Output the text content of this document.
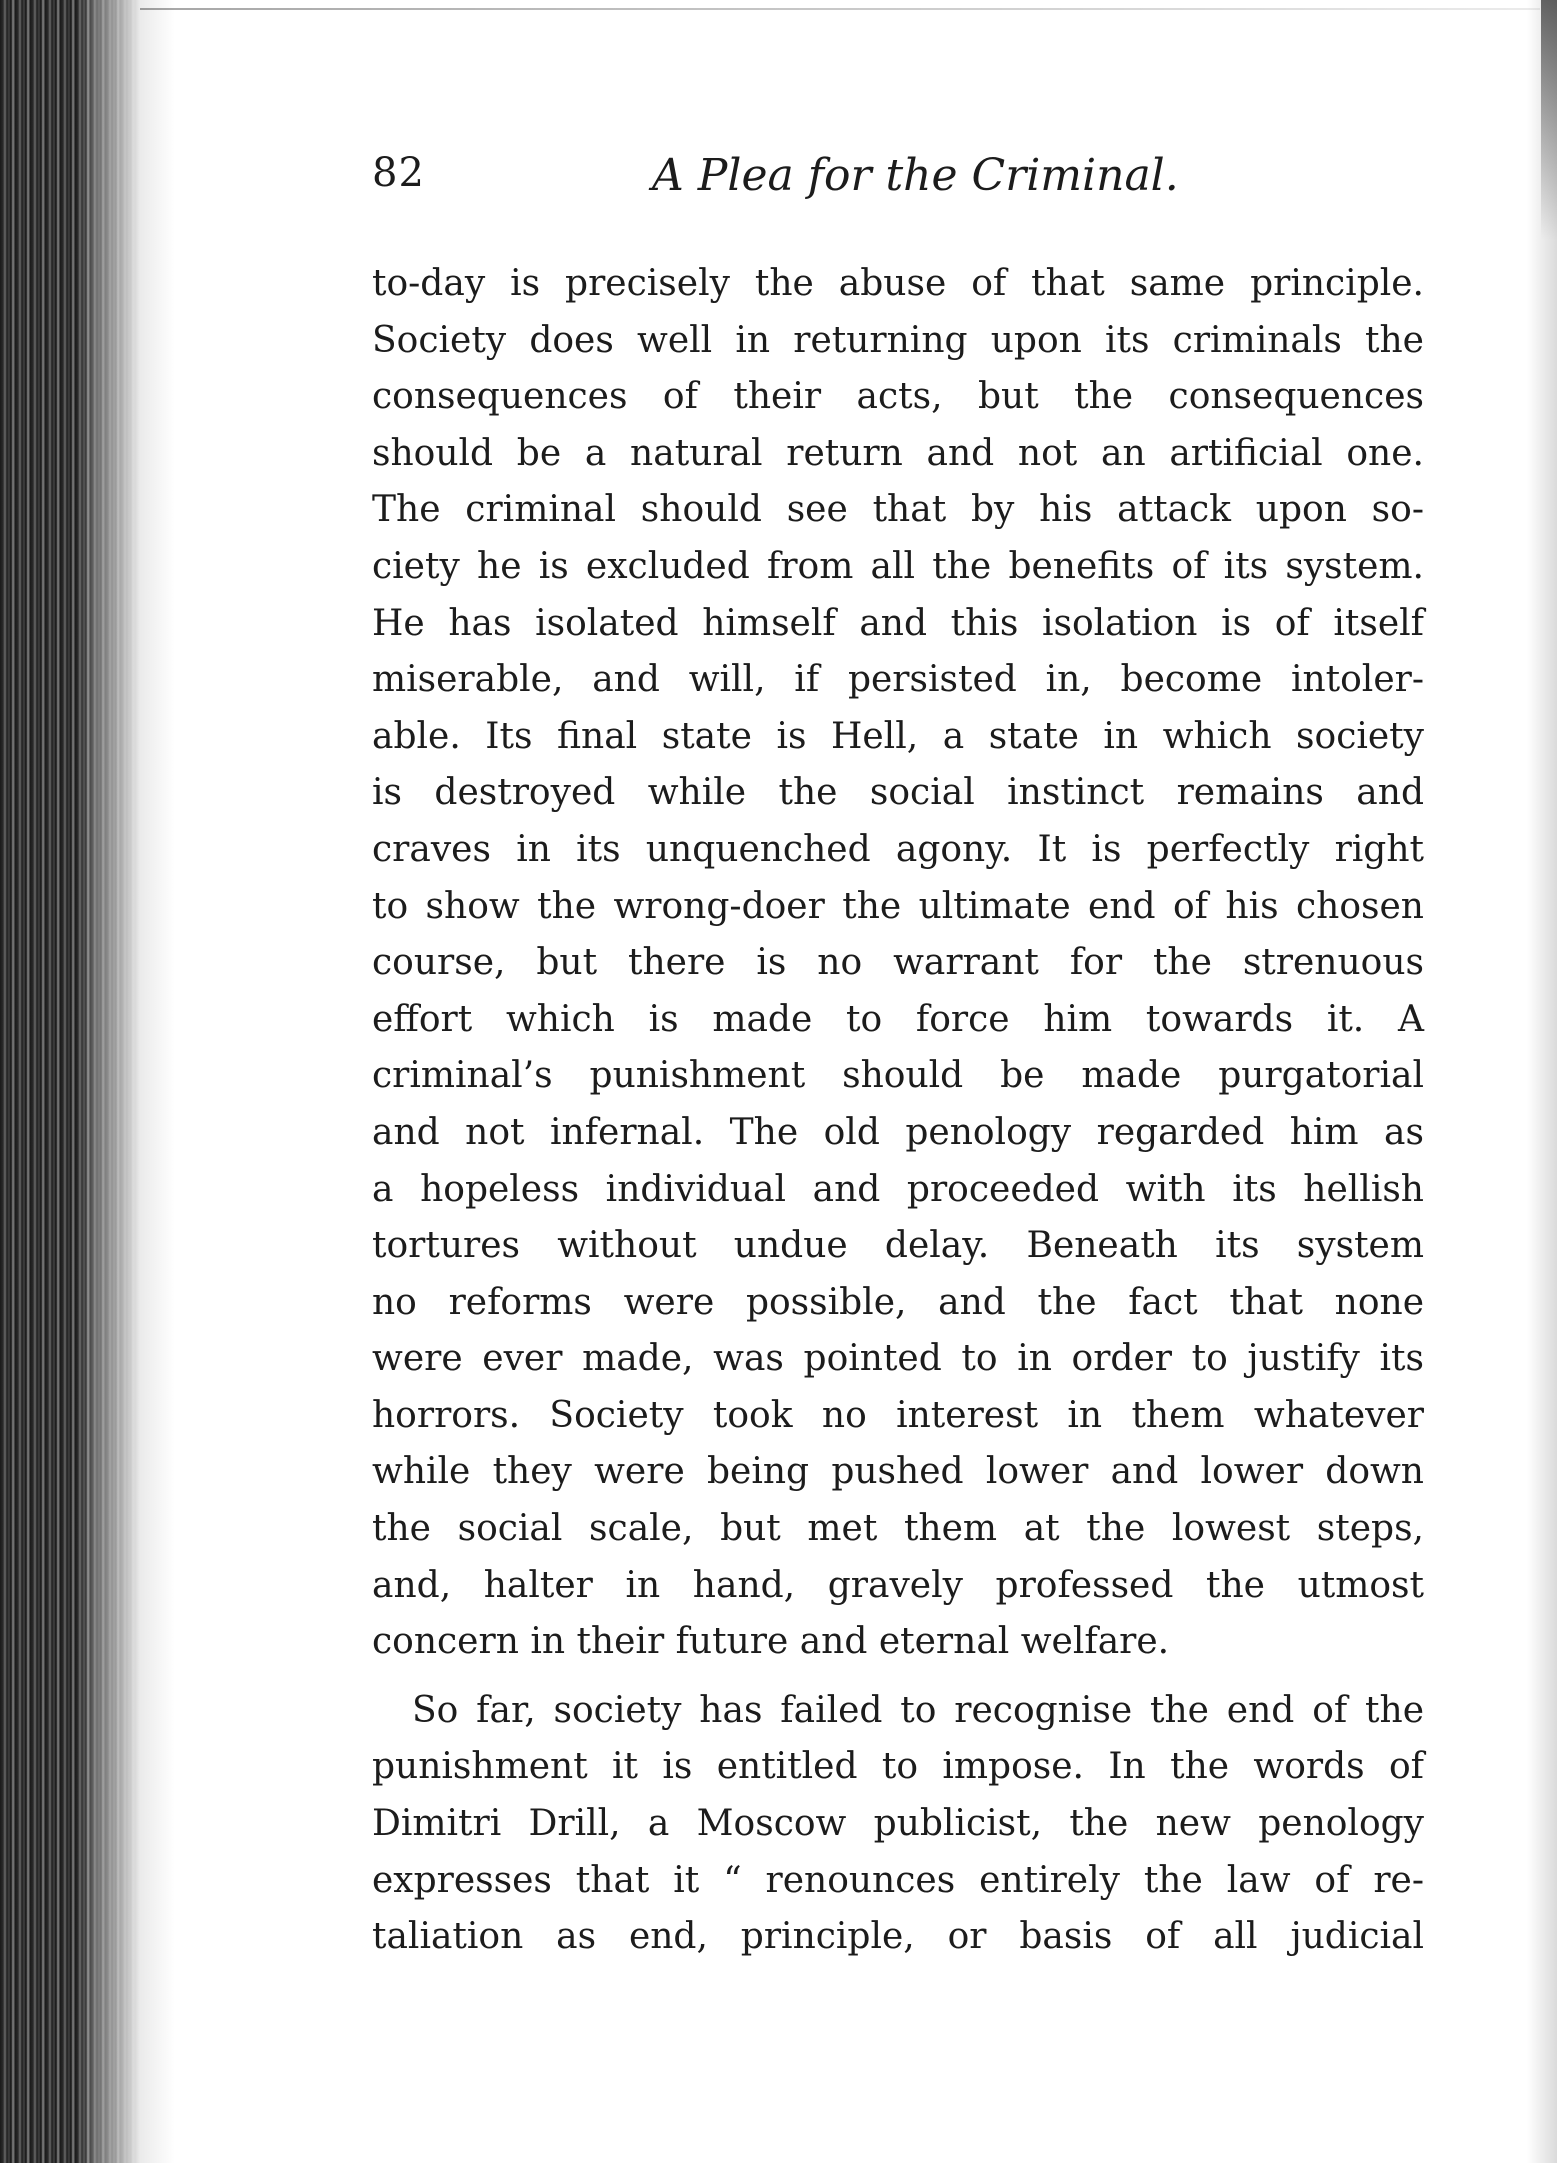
82	A Plea for the Criminal.
to-day is precisely the abuse of that same principle.
Society does well in returning upon its criminals the
consequences of their acts, but the consequences
should be a natural return and not an artificial one.
The criminal should see that by his attack upon so-
ciety he is excluded from all the benefits of its system.
He has isolated himself and this isolation is of itself
miserable, and will, if persisted in, become intoler-
able. Its final state is Hell, a state in which society
is destroyed while the social instinct remains and
craves in its unquenched agony. It is perfectly right
to show the wrong-doer the ultimate end of his chosen
course, but there is no warrant for the strenuous
effort which is made to force him towards it. A
criminal’s punishment should be made purgatorial
and not infernal. The old penology regarded him as
a hopeless individual and proceeded with its hellish
tortures without undue delay. Beneath its system
no reforms were possible, and the fact that none
were ever made, was pointed to in order to justify its
horrors. Society took no interest in them whatever
while they were being pushed lower and lower down
the social scale, but met them at the lowest steps,
and, halter in hand, gravely professed the utmost
concern in their future and eternal welfare.
So far, society has failed to recognise the end of the
punishment it is entitled to impose. In the words of
Dimitri Drill, a Moscow publicist, the new penology
expresses that it “ renounces entirely the law of re-
taliation as end, principle, or basis of all judicial
